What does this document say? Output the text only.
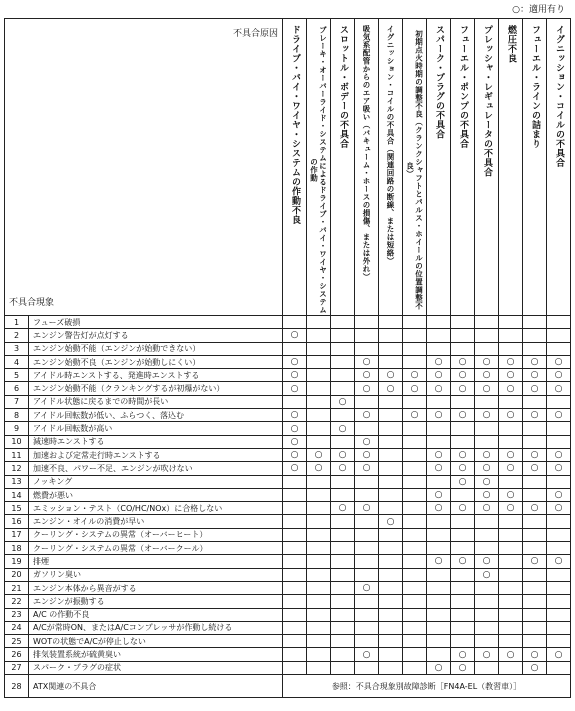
○：適用有り
不具合原因
不具合現象		ドライブ・バイ・ワイヤ・システムの作動不良	ブレーキ・オーバーライド・システムによるドライブ・バイ・ワイヤ・システムの作動	スロットル・ボデーの不具合	吸気系配管からのエア吸い（バキューム・ホースの損傷、または外れ）	イグニッション・コイルの不具合（関連回路の断線、または短絡）	初期点火時期の調整不良（クランクシャフトとパルス・ホイールの位置調整不良）	スパーク・プラグの不具合	フューエル・ポンプの不具合	プレッシャ・レギュレータの不具合	燃圧不良	フューエル・ラインの詰まり	イグニッション・コイルの不具合

1	フューズ破損												
2	エンジン警告灯が点灯する	○											
3	エンジン始動不能（エンジンが始動できない）												
4	エンジン始動不良（エンジンが始動しにくい）	○			○			○	○	○	○	○	○
5	アイドル時エンストする、発進時エンストする	○			○	○	○	○	○	○	○	○	○
6	エンジン始動不能（クランキングするが初爆がない）	○			○	○	○	○	○	○	○	○	○
7	アイドル状態に戻るまでの時間が長い			○									
8	アイドル回転数が低い、ふらつく、落込む	○			○		○	○	○	○	○	○	○
9	アイドル回転数が高い	○		○									
10	減速時エンストする	○			○								
11	加速および定常走行時エンストする	○	○	○	○			○	○	○	○	○	○
12	加速不良、パワー不足、エンジンが吹けない	○	○	○	○			○	○	○	○	○	○
13	ノッキング								○	○			
14	燃費が悪い							○		○	○		○
15	エミッション・テスト（CO/HC/NOx）に合格しない			○	○			○	○	○	○	○	○
16	エンジン・オイルの消費が早い					○							
17	クーリング・システムの異常（オーバーヒート）												
18	クーリング・システムの異常（オーバークール）												
19	排煙							○	○	○		○	○
20	ガソリン臭い									○			
21	エンジン本体から異音がする				○								
22	エンジンが振動する												
23	A/C の作動不良												
24	A/Cが常時ON、またはA/Cコンプレッサが作動し続ける												
25	WOTの状態でA/Cが停止しない												
26	排気装置系統が硫黄臭い				○				○	○	○	○	○
27	スパーク・プラグの症状							○	○			○	
28	ATX関連の不具合	参照：不具合現象別故障診断［FN4A-EL（教習車）］											
